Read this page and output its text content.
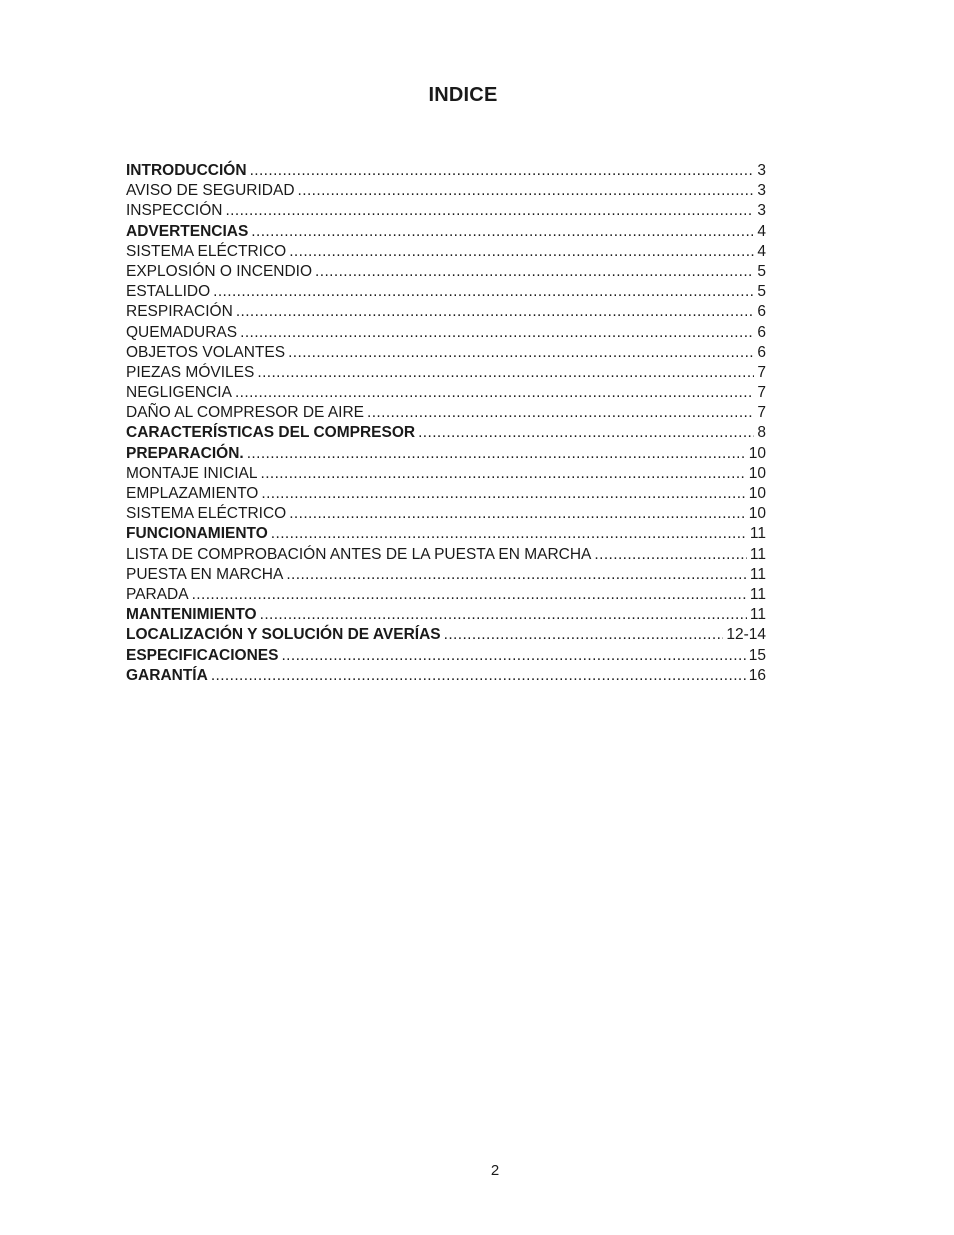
INDICE
INTRODUCCIÓN .....	3
AVISO DE SEGURIDAD .....	3
INSPECCIÓN .....	3
ADVERTENCIAS .....	4
SISTEMA ELÉCTRICO .....	4
EXPLOSIÓN O INCENDIO .....	5
ESTALLIDO .....	5
RESPIRACIÓN .....	6
QUEMADURAS .....	6
OBJETOS VOLANTES .....	6
PIEZAS MÓVILES .....	7
NEGLIGENCIA .....	7
DAÑO AL COMPRESOR DE AIRE .....	7
CARACTERÍSTICAS DEL COMPRESOR .....	8
PREPARACIÓN. .....	10
MONTAJE INICIAL .....	10
EMPLAZAMIENTO .....	10
SISTEMA ELÉCTRICO .....	10
FUNCIONAMIENTO .....	11
LISTA DE COMPROBACIÓN ANTES DE LA PUESTA EN MARCHA .....	11
PUESTA EN MARCHA .....	11
PARADA .....	11
MANTENIMIENTO .....	11
LOCALIZACIÓN Y SOLUCIÓN DE AVERÍAS .....	12-14
ESPECIFICACIONES .....	15
GARANTÍA .....	16
2
